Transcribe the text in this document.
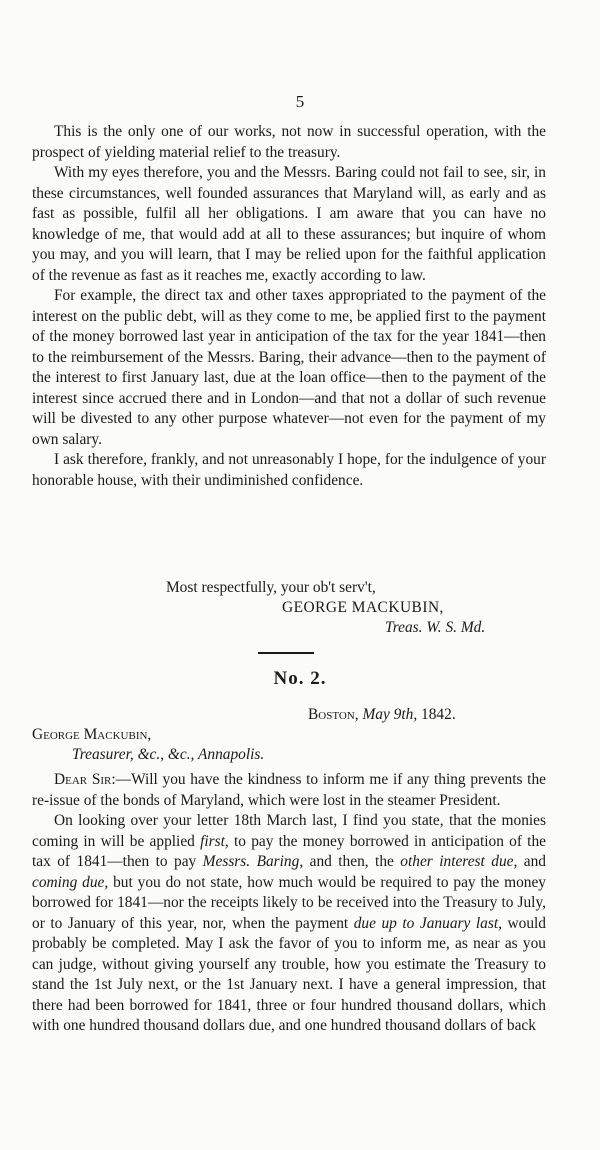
5

This is the only one of our works, not now in successful operation, with the prospect of yielding material relief to the treasury.

With my eyes therefore, you and the Messrs. Baring could not fail to see, sir, in these circumstances, well founded assurances that Maryland will, as early and as fast as possible, fulfil all her obligations. I am aware that you can have no knowledge of me, that would add at all to these assurances; but inquire of whom you may, and you will learn, that I may be relied upon for the faithful application of the revenue as fast as it reaches me, exactly according to law.

For example, the direct tax and other taxes appropriated to the payment of the interest on the public debt, will as they come to me, be applied first to the payment of the money borrowed last year in anticipation of the tax for the year 1841—then to the reimbursement of the Messrs. Baring, their advance—then to the payment of the interest to first January last, due at the loan office—then to the payment of the interest since accrued there and in London—and that not a dollar of such revenue will be divested to any other purpose whatever—not even for the payment of my own salary.

I ask therefore, frankly, and not unreasonably I hope, for the indulgence of your honorable house, with their undiminished confidence.

Most respectfully, your ob't serv't,
GEORGE MACKUBIN,
Treas. W. S. Md.
No. 2.
Boston, May 9th, 1842.
George Mackubin,
Treasurer, &c., &c., Annapolis.

Dear Sir:—Will you have the kindness to inform me if any thing prevents the re-issue of the bonds of Maryland, which were lost in the steamer President.

On looking over your letter 18th March last, I find you state, that the monies coming in will be applied first, to pay the money borrowed in anticipation of the tax of 1841—then to pay Messrs. Baring, and then, the other interest due, and coming due, but you do not state, how much would be required to pay the money borrowed for 1841—nor the receipts likely to be received into the Treasury to July, or to January of this year, nor, when the payment due up to January last, would probably be completed. May I ask the favor of you to inform me, as near as you can judge, without giving yourself any trouble, how you estimate the Treasury to stand the 1st July next, or the 1st January next. I have a general impression, that there had been borrowed for 1841, three or four hundred thousand dollars, which with one hundred thousand dollars due, and one hundred thousand dollars of back
